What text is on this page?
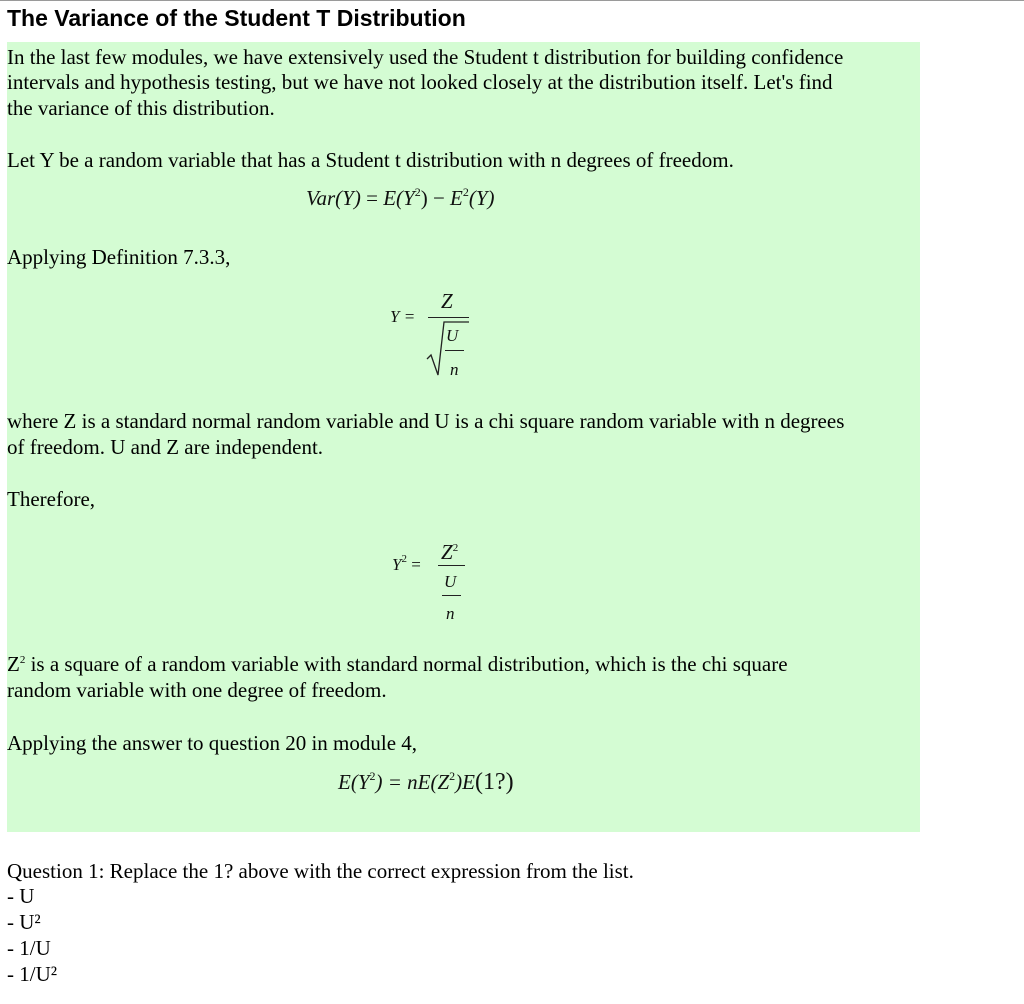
The Variance of the Student T Distribution

In the last few modules, we have extensively used the Student t distribution for building confidence

intervals and hypothesis testing, but we have not looked closely at the distribution itself. Let's find

the variance of this distribution.

Let Y be a random variable that has a Student t distribution with n degrees of freedom.

$Var(Y) = E(Y^2) - E^2(Y)$

Applying Definition 7.3.3,

Y =
Z
U
n

where Z is a standard normal random variable and U is a chi square random variable with n degrees

of freedom. U and Z are independent.

Therefore,

$Y^2$ =
$Z^2$
U
n

$Z^2$ is a square of a random variable with standard normal distribution, which is the chi square

random variable with one degree of freedom.

Applying the answer to question 20 in module 4,

$E(Y^2)$ = $nE(Z^2)E(1?)$

Question 1: Replace the 1? above with the correct expression from the list.

- U

- U²

- 1/U

- 1/U²
